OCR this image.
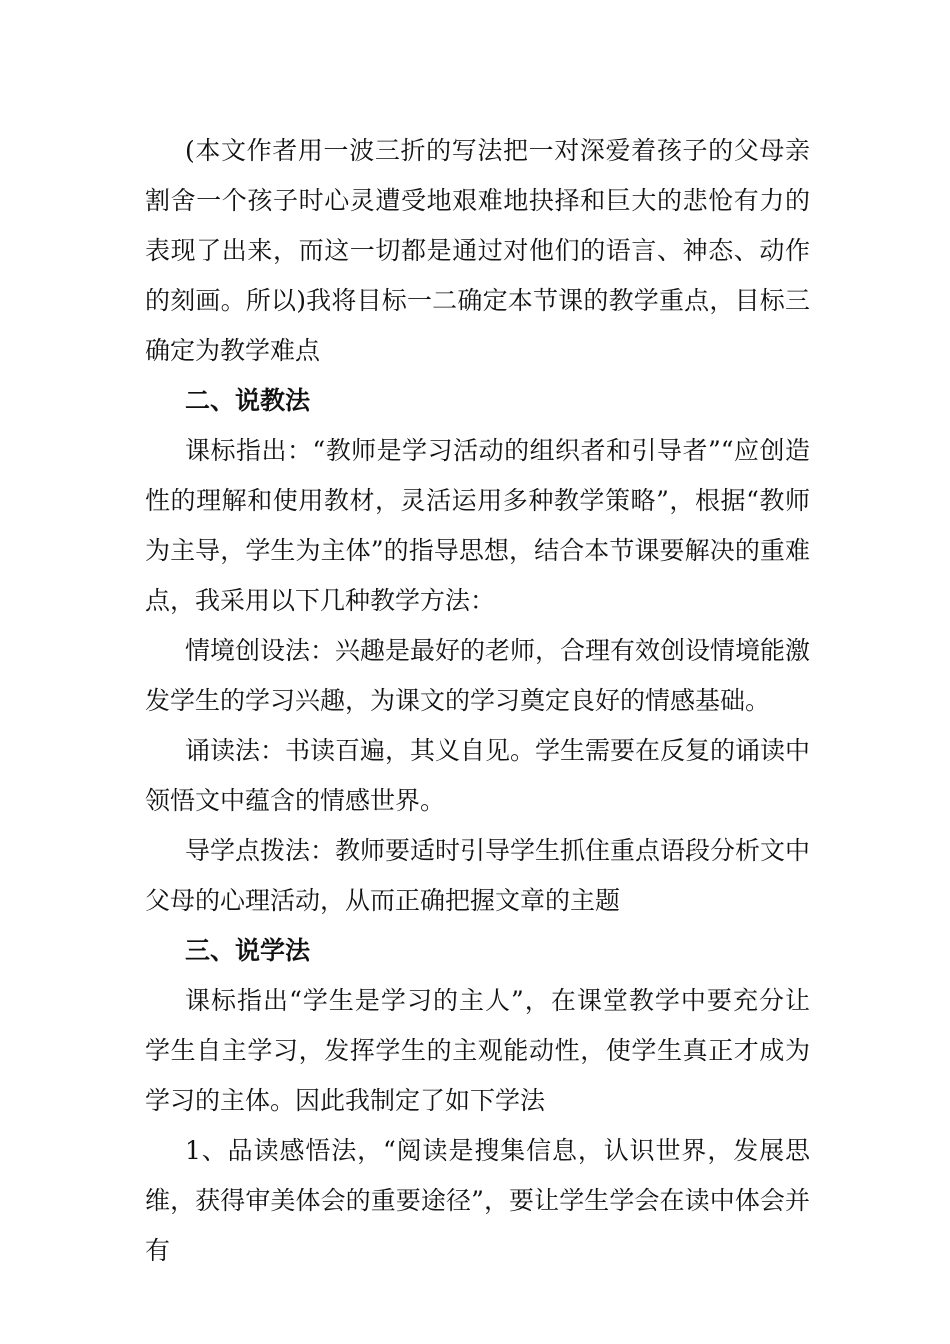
(本文作者用一波三折的写法把一对深爱着孩子的父母亲割舍一个孩子时心灵遭受地艰难地抉择和巨大的悲怆有力的表现了出来，而这一切都是通过对他们的语言、神态、动作的刻画。所以)我将目标一二确定本节课的教学重点，目标三确定为教学难点

二、说教法

课标指出：“教师是学习活动的组织者和引导者”“应创造性的理解和使用教材，灵活运用多种教学策略”，根据“教师为主导，学生为主体”的指导思想，结合本节课要解决的重难点，我采用以下几种教学方法：

情境创设法：兴趣是最好的老师，合理有效创设情境能激发学生的学习兴趣，为课文的学习奠定良好的情感基础。

诵读法：书读百遍，其义自见。学生需要在反复的诵读中领悟文中蕴含的情感世界。

导学点拨法：教师要适时引导学生抓住重点语段分析文中父母的心理活动，从而正确把握文章的主题

三、说学法

课标指出“学生是学习的主人”，在课堂教学中要充分让学生自主学习，发挥学生的主观能动性，使学生真正才成为学习的主体。因此我制定了如下学法

1、品读感悟法，“阅读是搜集信息，认识世界，发展思维，获得审美体会的重要途径”，要让学生学会在读中体会并有
